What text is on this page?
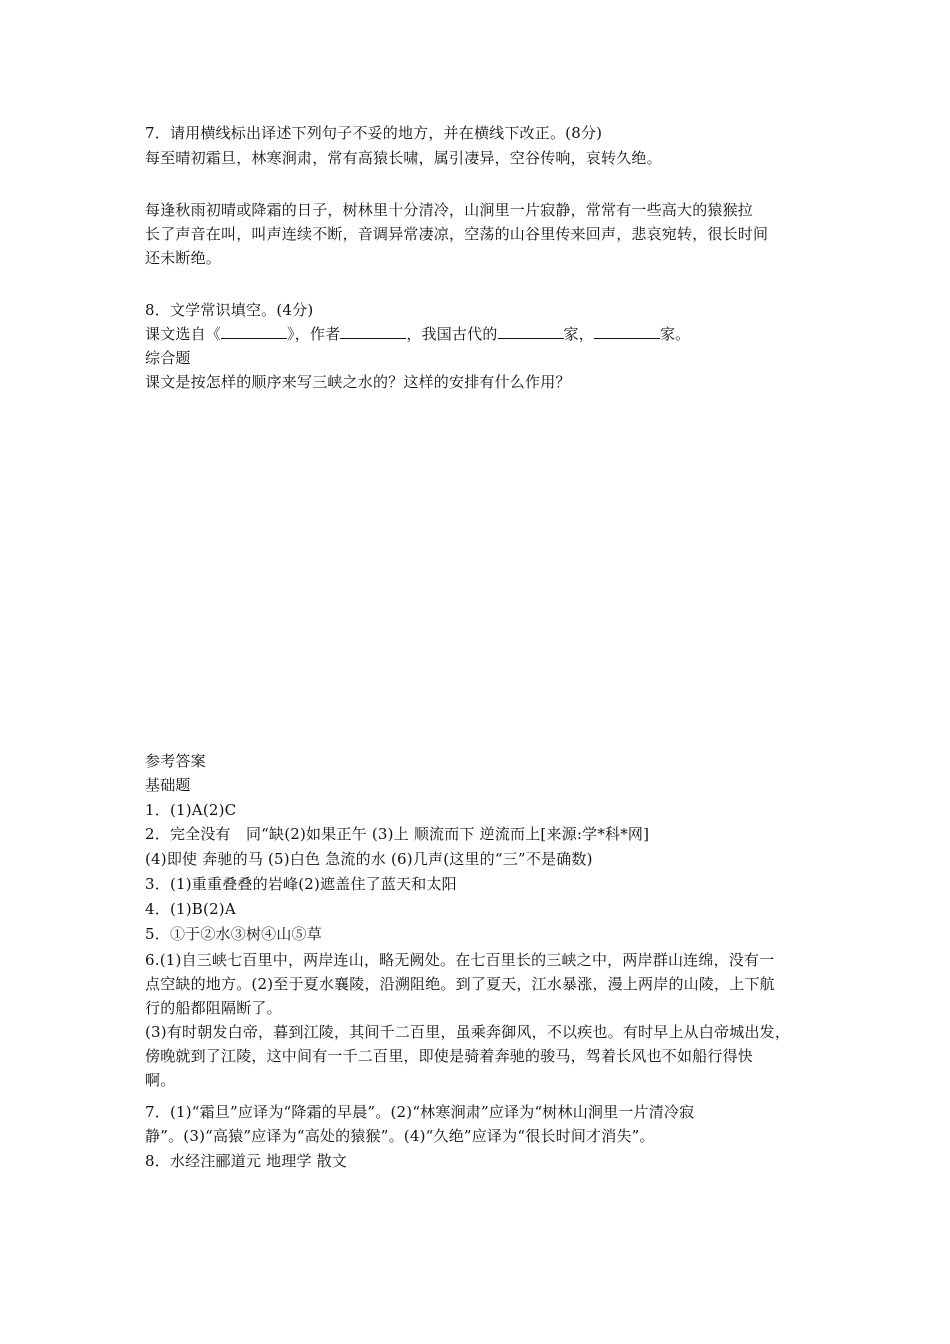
7．请用横线标出译述下列句子不妥的地方，并在横线下改正。(8分)
每至晴初霜旦，林寒涧肃，常有高猿长啸，属引凄异，空谷传响，哀转久绝。
每逢秋雨初晴或降霜的日子，树林里十分清冷，山涧里一片寂静，常常有一些高大的猿猴拉
长了声音在叫，叫声连续不断，音调异常凄凉，空荡的山谷里传来回声，悲哀宛转，很长时间
还未断绝。
8．文学常识填空。(4分)
课文选自《	》，作者	，我国古代的	家，	家。
综合题
课文是按怎样的顺序来写三峡之水的？这样的安排有什么作用？
参考答案
基础题
1．(1)A(2)C
2．完全没有　同“缺(2)如果正午 (3)上 顺流而下 逆流而上[来源:学*科*网]
(4)即使 奔驰的马 (5)白色 急流的水 (6)几声(这里的“三”不是确数)
3．(1)重重叠叠的岩峰(2)遮盖住了蓝天和太阳
4．(1)B(2)A
5．①于②水③树④山⑤草
6.(1)自三峡七百里中，两岸连山，略无阙处。在七百里长的三峡之中，两岸群山连绵，没有一
点空缺的地方。(2)至于夏水襄陵，沿溯阻绝。到了夏天，江水暴涨，漫上两岸的山陵，上下航
行的船都阻隔断了。
(3)有时朝发白帝，暮到江陵，其间千二百里，虽乘奔御风，不以疾也。有时早上从白帝城出发，
傍晚就到了江陵，这中间有一千二百里，即使是骑着奔驰的骏马，驾着长风也不如船行得快
啊。
7．(1)“霜旦”应译为“降霜的早晨”。(2)“林寒涧肃”应译为“树林山涧里一片清冷寂
静”。(3)“高猿”应译为“高处的猿猴”。(4)“久绝”应译为“很长时间才消失”。
8．水经注郦道元 地理学 散文
